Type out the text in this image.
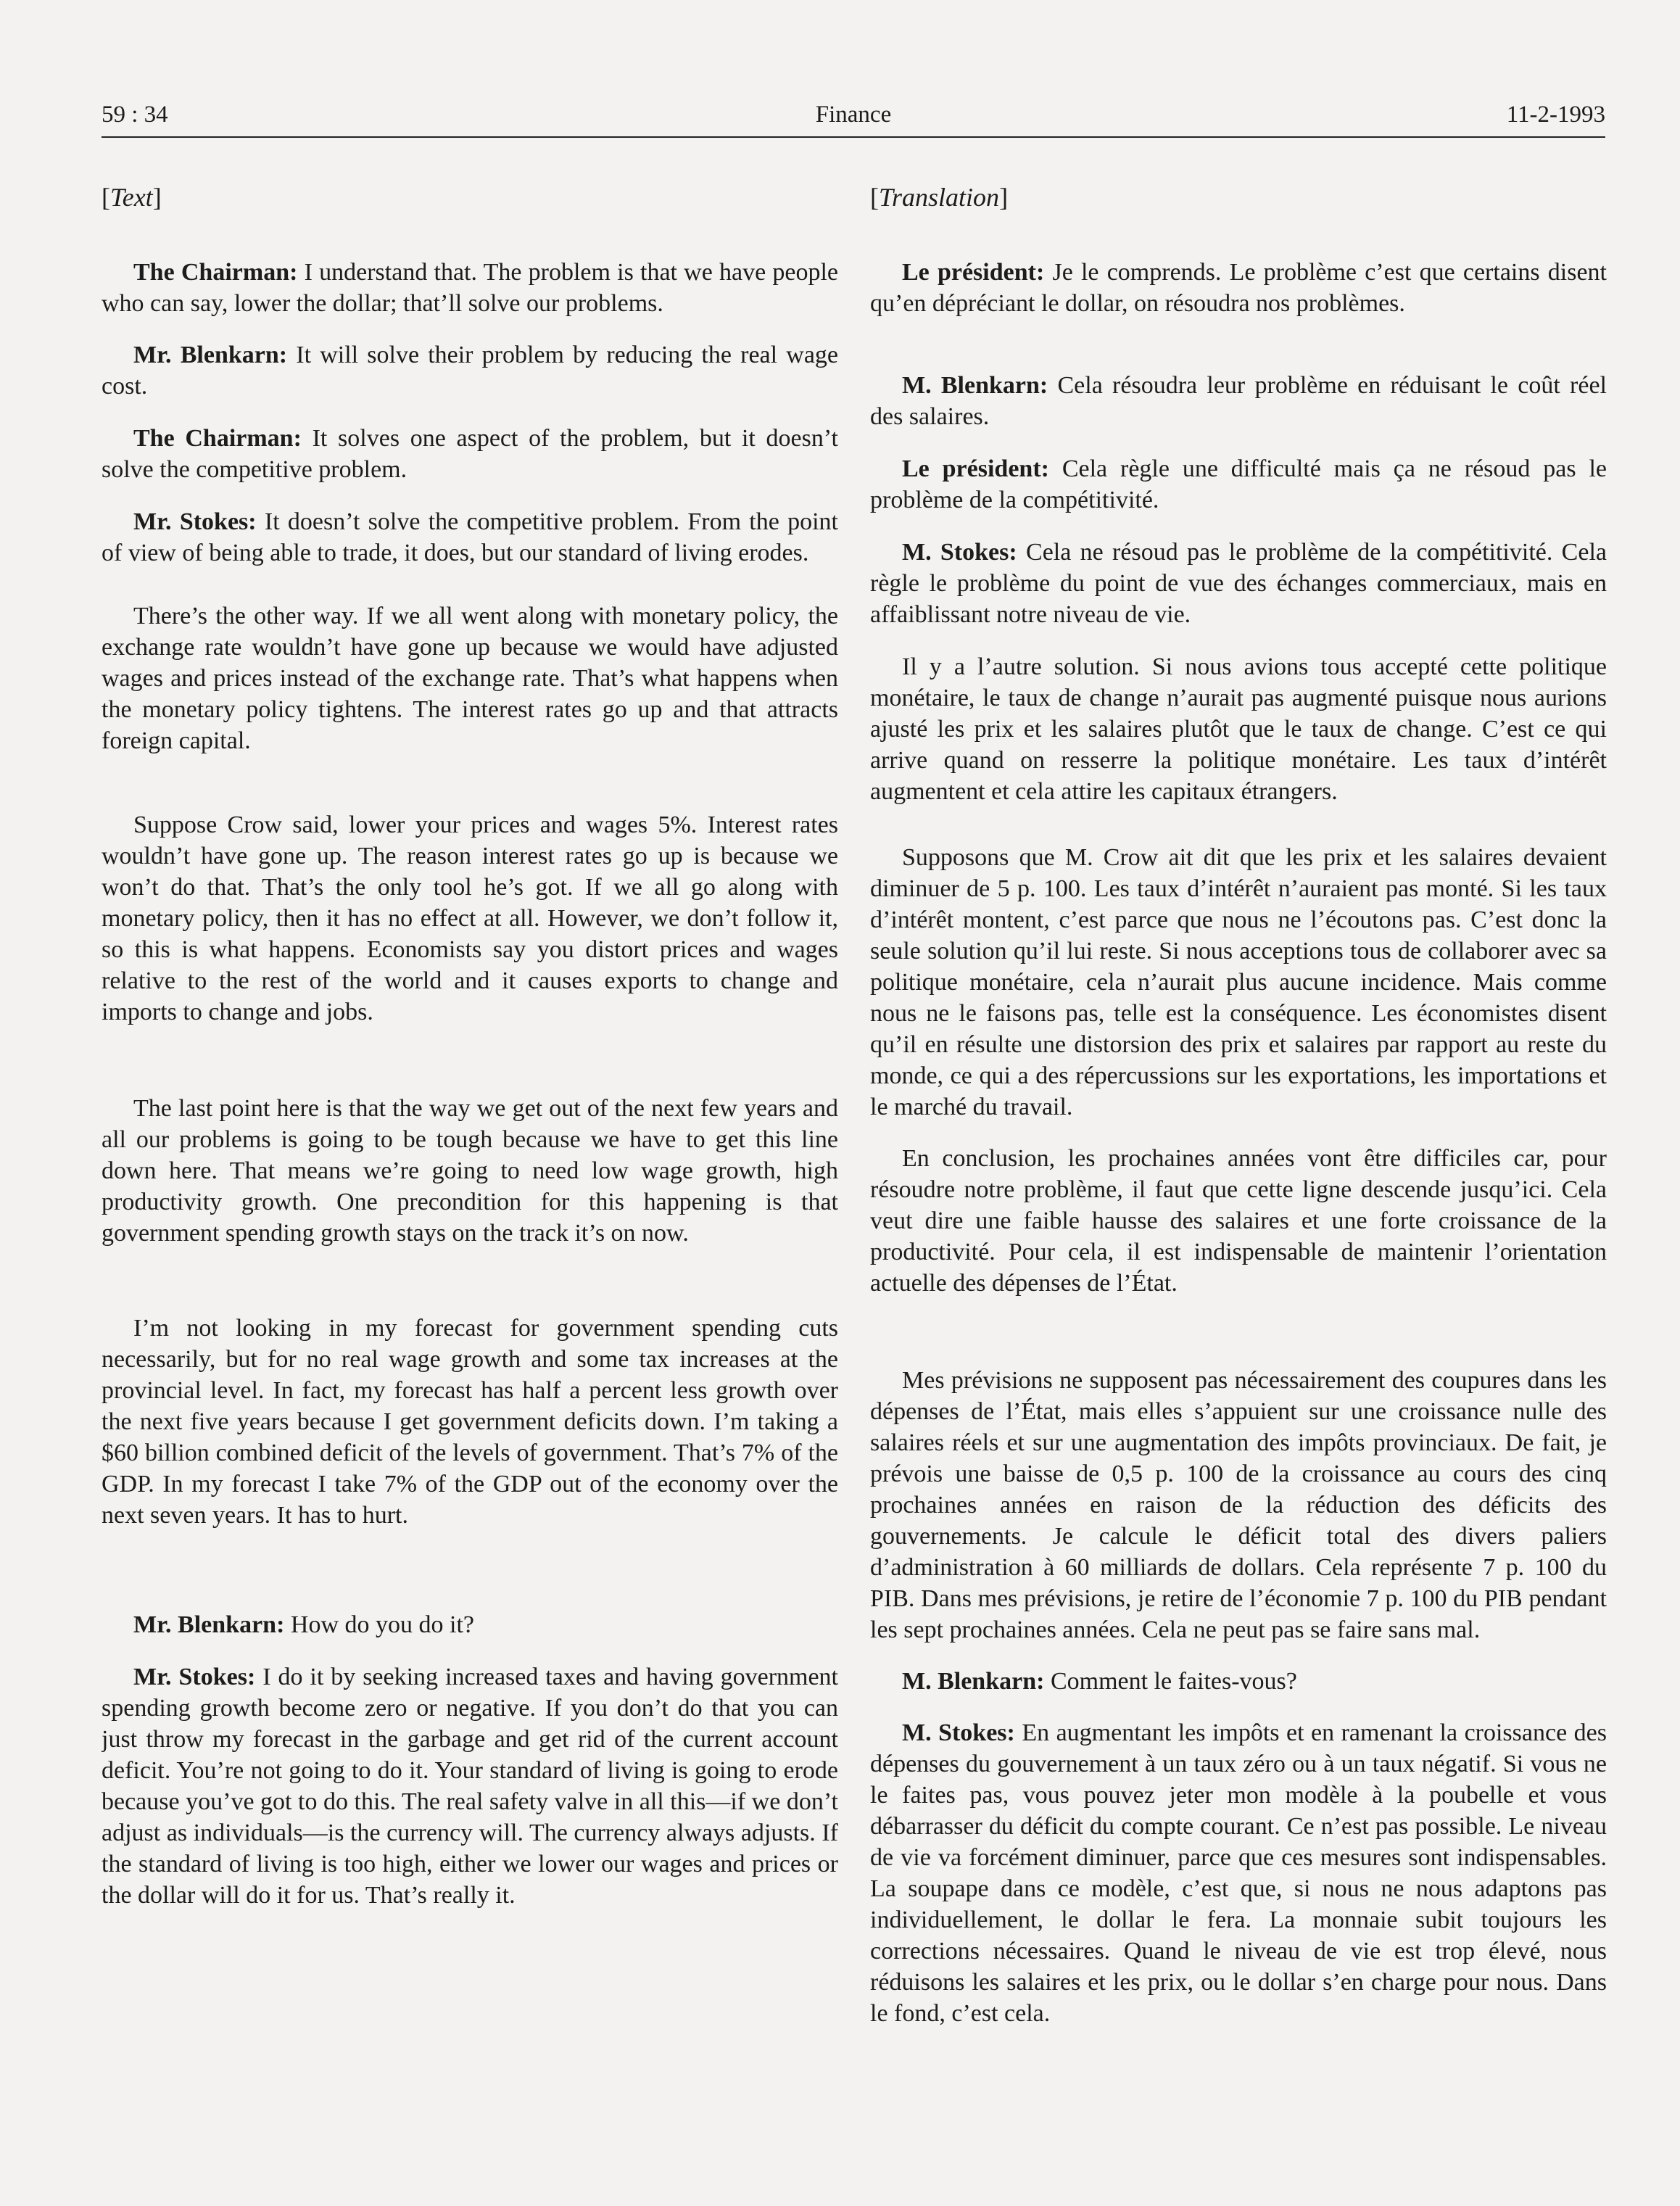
59 : 34	Finance	11-2-1993
[Text]

The Chairman: I understand that. The problem is that we have people who can say, lower the dollar; that’ll solve our problems.

Mr. Blenkarn: It will solve their problem by reducing the real wage cost.

The Chairman: It solves one aspect of the problem, but it doesn’t solve the competitive problem.

Mr. Stokes: It doesn’t solve the competitive problem. From the point of view of being able to trade, it does, but our standard of living erodes.

There’s the other way. If we all went along with monetary policy, the exchange rate wouldn’t have gone up because we would have adjusted wages and prices instead of the exchange rate. That’s what happens when the monetary policy tightens. The interest rates go up and that attracts foreign capital.

Suppose Crow said, lower your prices and wages 5%. Interest rates wouldn’t have gone up. The reason interest rates go up is because we won’t do that. That’s the only tool he’s got. If we all go along with monetary policy, then it has no effect at all. However, we don’t follow it, so this is what happens. Economists say you distort prices and wages relative to the rest of the world and it causes exports to change and imports to change and jobs.

The last point here is that the way we get out of the next few years and all our problems is going to be tough because we have to get this line down here. That means we’re going to need low wage growth, high productivity growth. One precondition for this happening is that government spending growth stays on the track it’s on now.

I’m not looking in my forecast for government spending cuts necessarily, but for no real wage growth and some tax increases at the provincial level. In fact, my forecast has half a percent less growth over the next five years because I get government deficits down. I’m taking a $60 billion combined deficit of the levels of government. That’s 7% of the GDP. In my forecast I take 7% of the GDP out of the economy over the next seven years. It has to hurt.

Mr. Blenkarn: How do you do it?

Mr. Stokes: I do it by seeking increased taxes and having government spending growth become zero or negative. If you don’t do that you can just throw my forecast in the garbage and get rid of the current account deficit. You’re not going to do it. Your standard of living is going to erode because you’ve got to do this. The real safety valve in all this—if we don’t adjust as individuals—is the currency will. The currency always adjusts. If the standard of living is too high, either we lower our wages and prices or the dollar will do it for us. That’s really it.

[Translation]

Le président: Je le comprends. Le problème c’est que certains disent qu’en dépréciant le dollar, on résoudra nos problèmes.

M. Blenkarn: Cela résoudra leur problème en réduisant le coût réel des salaires.

Le président: Cela règle une difficulté mais ça ne résoud pas le problème de la compétitivité.

M. Stokes: Cela ne résoud pas le problème de la compétitivité. Cela règle le problème du point de vue des échanges commerciaux, mais en affaiblissant notre niveau de vie.

Il y a l’autre solution. Si nous avions tous accepté cette politique monétaire, le taux de change n’aurait pas augmenté puisque nous aurions ajusté les prix et les salaires plutôt que le taux de change. C’est ce qui arrive quand on resserre la politique monétaire. Les taux d’intérêt augmentent et cela attire les capitaux étrangers.

Supposons que M. Crow ait dit que les prix et les salaires devaient diminuer de 5 p. 100. Les taux d’intérêt n’auraient pas monté. Si les taux d’intérêt montent, c’est parce que nous ne l’écoutons pas. C’est donc la seule solution qu’il lui reste. Si nous acceptions tous de collaborer avec sa politique monétaire, cela n’aurait plus aucune incidence. Mais comme nous ne le faisons pas, telle est la conséquence. Les économistes disent qu’il en résulte une distorsion des prix et salaires par rapport au reste du monde, ce qui a des répercussions sur les exportations, les importations et le marché du travail.

En conclusion, les prochaines années vont être difficiles car, pour résoudre notre problème, il faut que cette ligne descende jusqu’ici. Cela veut dire une faible hausse des salaires et une forte croissance de la productivité. Pour cela, il est indispensable de maintenir l’orientation actuelle des dépenses de l’État.

Mes prévisions ne supposent pas nécessairement des coupures dans les dépenses de l’État, mais elles s’appuient sur une croissance nulle des salaires réels et sur une augmentation des impôts provinciaux. De fait, je prévois une baisse de 0,5 p. 100 de la croissance au cours des cinq prochaines années en raison de la réduction des déficits des gouvernements. Je calcule le déficit total des divers paliers d’administration à 60 milliards de dollars. Cela représente 7 p. 100 du PIB. Dans mes prévisions, je retire de l’économie 7 p. 100 du PIB pendant les sept prochaines années. Cela ne peut pas se faire sans mal.

M. Blenkarn: Comment le faites-vous?

M. Stokes: En augmentant les impôts et en ramenant la croissance des dépenses du gouvernement à un taux zéro ou à un taux négatif. Si vous ne le faites pas, vous pouvez jeter mon modèle à la poubelle et vous débarrasser du déficit du compte courant. Ce n’est pas possible. Le niveau de vie va forcément diminuer, parce que ces mesures sont indispensables. La soupape dans ce modèle, c’est que, si nous ne nous adaptons pas individuellement, le dollar le fera. La monnaie subit toujours les corrections nécessaires. Quand le niveau de vie est trop élevé, nous réduisons les salaires et les prix, ou le dollar s’en charge pour nous. Dans le fond, c’est cela.
